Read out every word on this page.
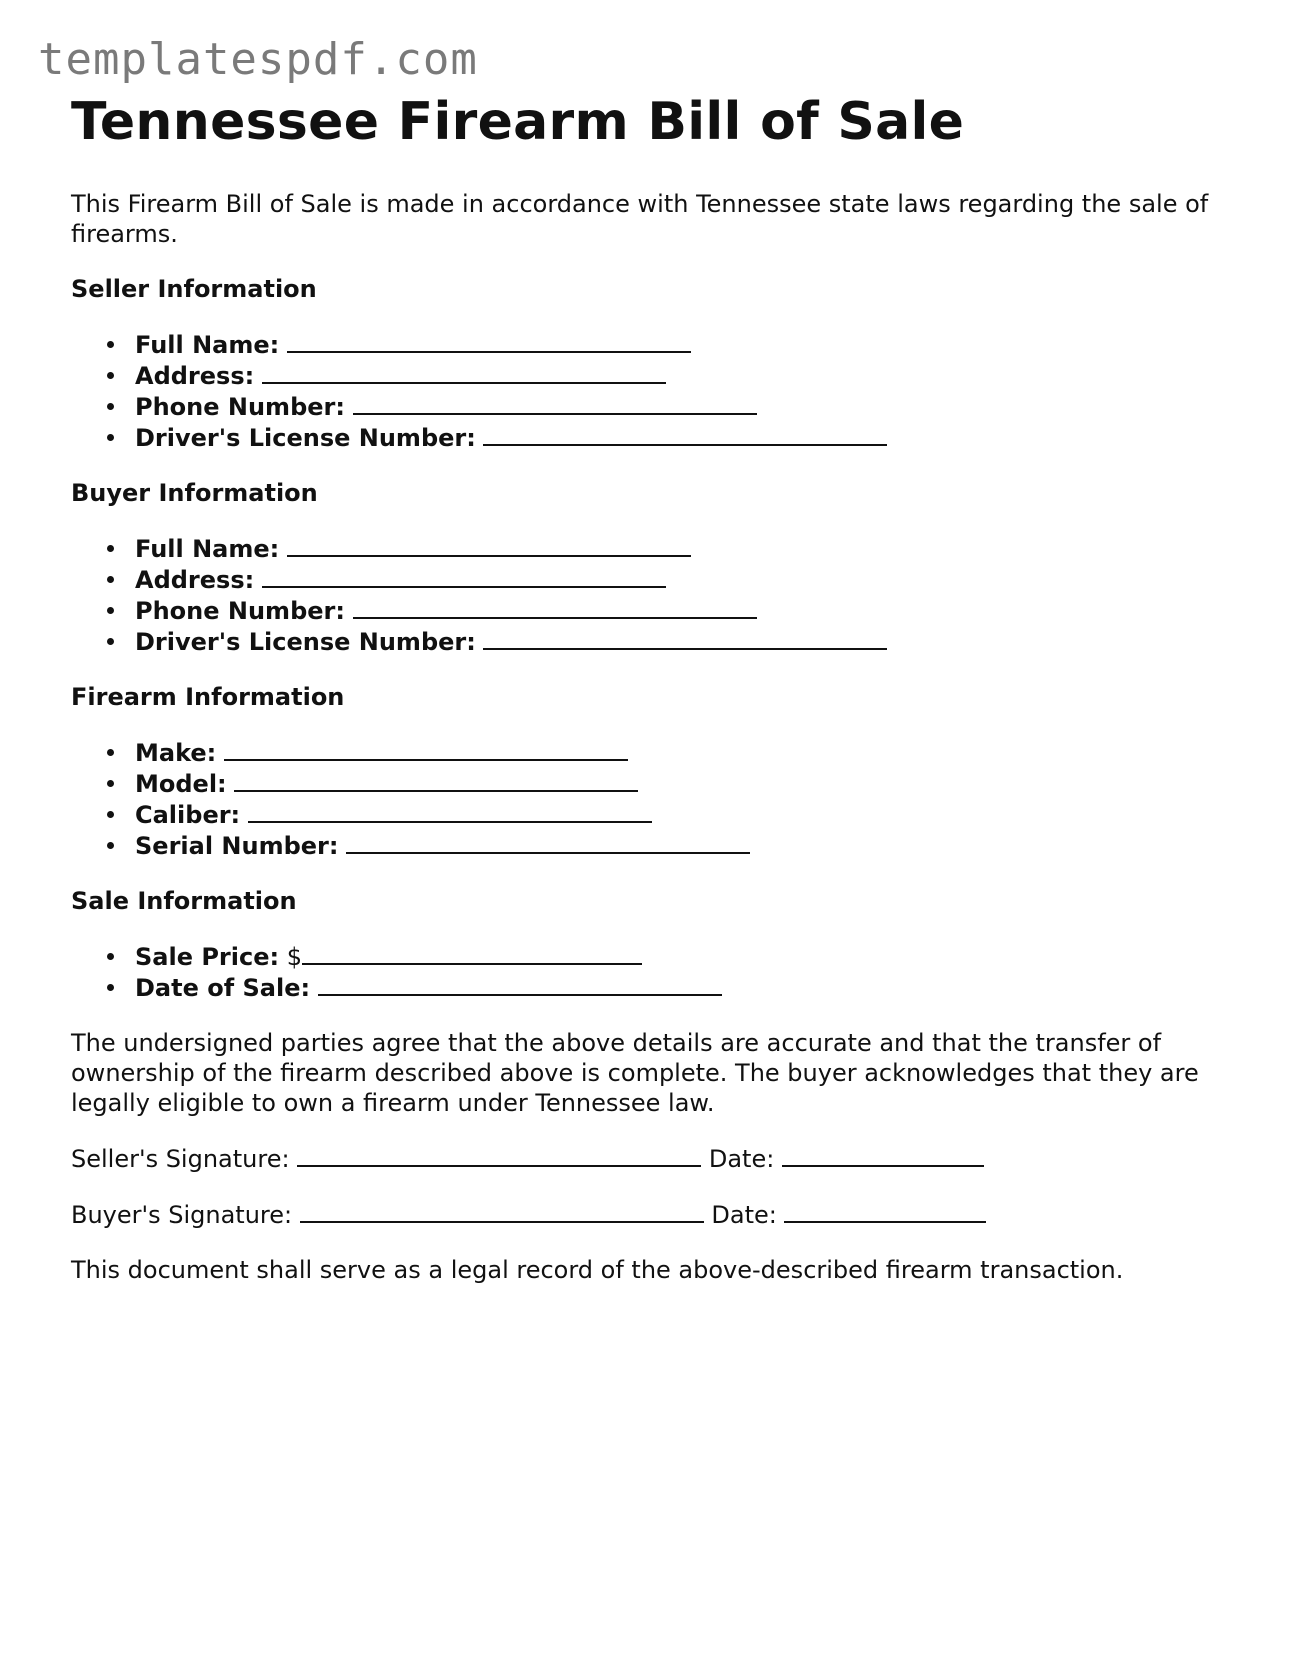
templatespdf.com
Tennessee Firearm Bill of Sale

This Firearm Bill of Sale is made in accordance with Tennessee state laws regarding the sale of firearms.

Seller Information
Full Name:
Address:
Phone Number:
Driver's License Number:
Buyer Information
Full Name:
Address:
Phone Number:
Driver's License Number:
Firearm Information
Make:
Model:
Caliber:
Serial Number:
Sale Information
Sale Price: $
Date of Sale:

The undersigned parties agree that the above details are accurate and that the transfer of ownership of the firearm described above is complete. The buyer acknowledges that they are legally eligible to own a firearm under Tennessee law.

Seller's Signature:	Date:
Buyer's Signature:	Date:

This document shall serve as a legal record of the above-described firearm transaction.
